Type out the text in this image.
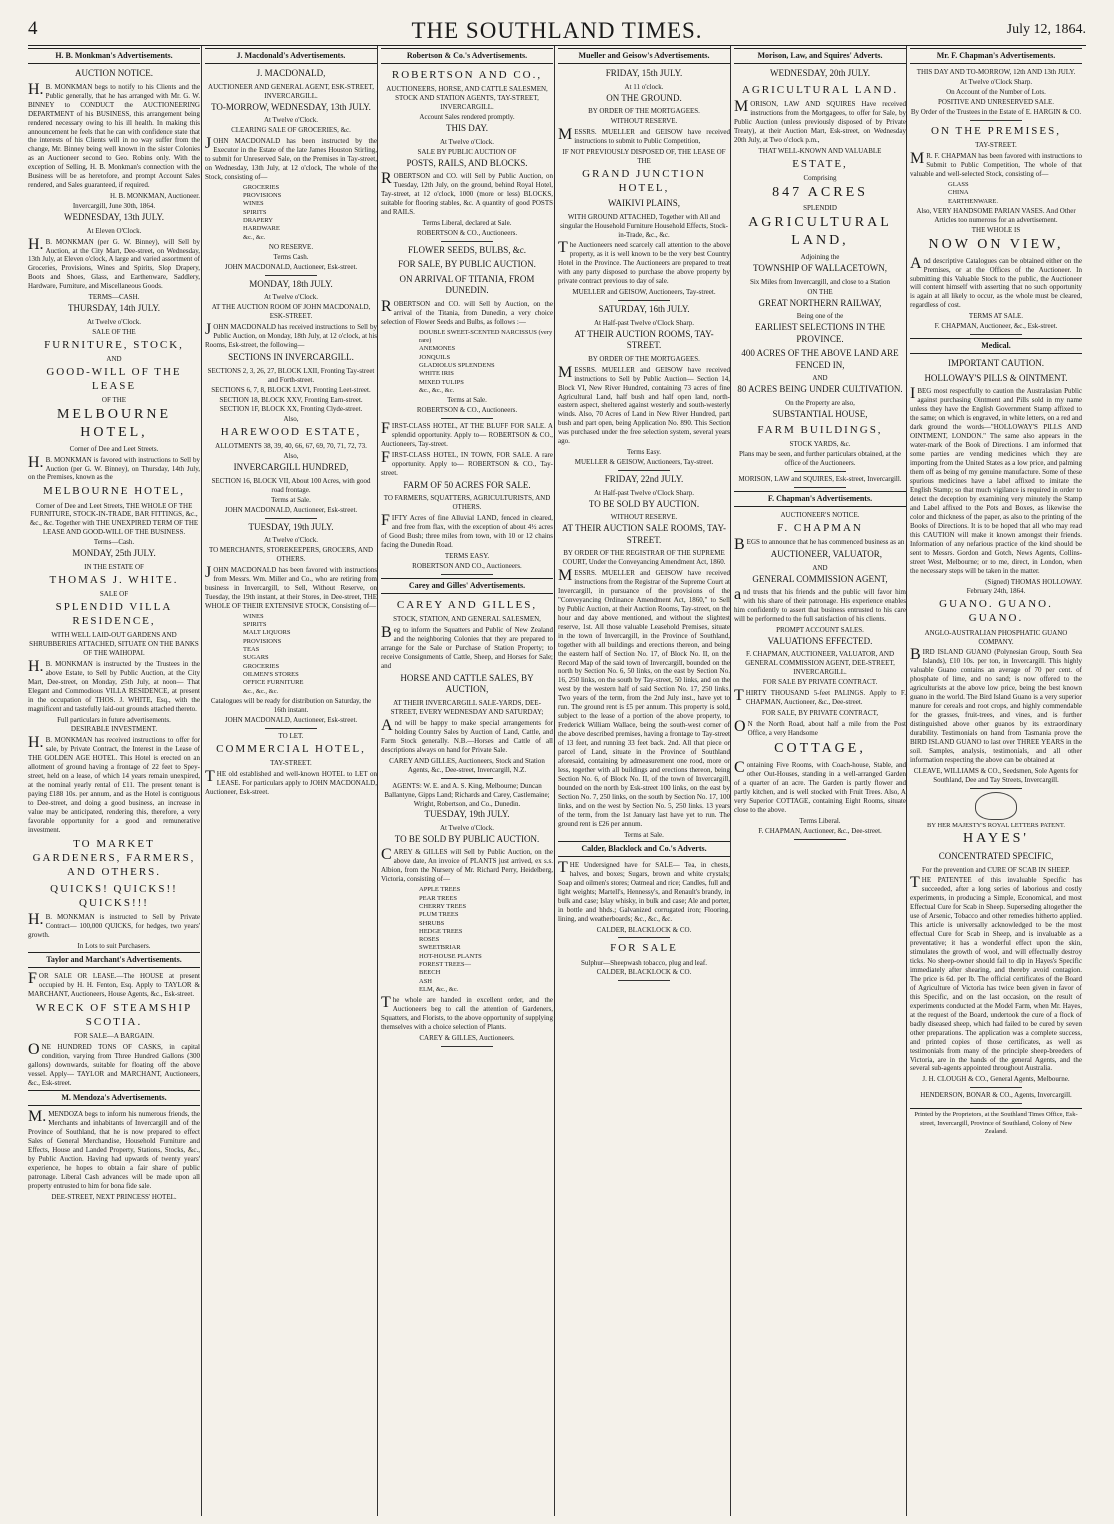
4	THE SOUTHLAND TIMES.	July 12, 1864.
H. B. Monkman's Advertisements.
AUCTION NOTICE.
H.B. MONKMAN begs to notify to his Clients and the Public generally, that he has arranged with Mr. G. W. BINNEY to CONDUCT the AUCTIONEERING DEPARTMENT of his BUSINESS, this arrangement being rendered necessary owing to his ill health. In making this announcement he feels that he can with confidence state that the interests of his Clients will in no way suffer from the change, Mr. Binney being well known in the sister Colonies as an Auctioneer second to Geo. Robins only. With the exception of Selling, H. B. Monkman's connection with the Business will be as heretofore, and prompt Account Sales rendered, and Sales guaranteed, if required.
H. B. MONKMAN, Auctioneer.
Invercargill, June 30th, 1864.
WEDNESDAY, 13th JULY.
At Eleven O'Clock.
H.B. MONKMAN (per G. W. Binney), will Sell by Auction, at the City Mart, Dee-street, on Wednesday, 13th July, at Eleven o'clock, A large and varied assortment of Groceries, Provisions, Wines and Spirits, Slop Drapery, Boots and Shoes, Glass, and Earthenware, Saddlery, Hardware, Furniture, and Miscellaneous Goods.
TERMS—CASH.
THURSDAY, 14th JULY.
At Twelve o'Clock.
SALE OF THE
FURNITURE, STOCK,
AND
GOOD-WILL OF THE LEASE
OF THE
MELBOURNE HOTEL,
Corner of Dee and Leet Streets.
H.B. MONKMAN is favored with instructions to Sell by Auction (per G. W. Binney), on Thursday, 14th July, on the Premises, known as the
MELBOURNE HOTEL,
Corner of Dee and Leet Streets, THE WHOLE OF THE FURNITURE, STOCK-IN-TRADE, BAR FITTINGS, &c., &c., &c. Together with THE UNEXPIRED TERM OF THE LEASE AND GOOD-WILL OF THE BUSINESS.
Terms—Cash.
MONDAY, 25th JULY.
IN THE ESTATE OF
THOMAS J. WHITE.
SALE OF
SPLENDID VILLA RESIDENCE,
WITH WELL LAID-OUT GARDENS AND SHRUBBERIES ATTACHED, SITUATE ON THE BANKS OF THE WAIHOPAI.
H.B. MONKMAN is instructed by the Trustees in the above Estate, to Sell by Public Auction, at the City Mart, Dee-street, on Monday, 25th July, at noon— That Elegant and Commodious VILLA RESIDENCE, at present in the occupation of THOS. J. WHITE, Esq., with the magnificent and tastefully laid-out grounds attached thereto.
Full particulars in future advertisements.
DESIRABLE INVESTMENT.
H.B. MONKMAN has received instructions to offer for sale, by Private Contract, the Interest in the Lease of THE GOLDEN AGE HOTEL. This Hotel is erected on an allotment of ground having a frontage of 22 feet to Spey-street, held on a lease, of which 14 years remain unexpired, at the nominal yearly rental of £11. The present tenant is paying £188 10s. per annum, and as the Hotel is contiguous to Dee-street, and doing a good business, an increase in value may be anticipated, rendering this, therefore, a very favorable opportunity for a good and remunerative investment.
TO MARKET GARDENERS, FARMERS, AND OTHERS.
QUICKS! QUICKS!! QUICKS!!!
H.B. MONKMAN is instructed to Sell by Private Contract— 100,000 QUICKS, for hedges, two years' growth.
In Lots to suit Purchasers.
Taylor and Marchant's Advertisements.
FOR SALE OR LEASE.—The HOUSE at present occupied by H. H. Fenton, Esq. Apply to TAYLOR & MARCHANT, Auctioneers, House Agents, &c., Esk-street.
WRECK OF STEAMSHIP SCOTIA.
FOR SALE—A BARGAIN.
ONE HUNDRED TONS OF CASKS, in capital condition, varying from Three Hundred Gallons (300 gallons) downwards, suitable for floating off the above vessel. Apply— TAYLOR and MARCHANT, Auctioneers, &c., Esk-street.
M. Mendoza's Advertisements.
M.MENDOZA begs to inform his numerous friends, the Merchants and inhabitants of Invercargill and of the Province of Southland, that he is now prepared to effect Sales of General Merchandise, Household Furniture and Effects, House and Landed Property, Stations, Stocks, &c., by Public Auction. Having had upwards of twenty years' experience, he hopes to obtain a fair share of public patronage. Liberal Cash advances will be made upon all property entrusted to him for bona fide sale.
DEE-STREET, NEXT PRINCESS' HOTEL.
J. Macdonald's Advertisements.
J. MACDONALD,
AUCTIONEER AND GENERAL AGENT, ESK-STREET, INVERCARGILL.
TO-MORROW, WEDNESDAY, 13th JULY.
At Twelve o'Clock.
CLEARING SALE OF GROCERIES, &c.
JOHN MACDONALD has been instructed by the Executor in the Estate of the late James Houston Stirling, to submit for Unreserved Sale, on the Premises in Tay-street, on Wednesday, 13th July, at 12 o'clock, The whole of the Stock, consisting of—
GROCERIES
PROVISIONS
WINES
SPIRITS
DRAPERY
HARDWARE
&c., &c.
NO RESERVE.
Terms Cash.
JOHN MACDONALD, Auctioneer, Esk-street.
MONDAY, 18th JULY.
At Twelve o'Clock.
AT THE AUCTION ROOM OF JOHN MACDONALD, ESK-STREET.
JOHN MACDONALD has received instructions to Sell by Public Auction, on Monday, 18th July, at 12 o'clock, at his Rooms, Esk-street, the following—
SECTIONS IN INVERCARGILL.
SECTIONS 2, 3, 26, 27, BLOCK LXII, Fronting Tay-street and Forth-street.
SECTIONS 6, 7, 8, BLOCK LXVI, Fronting Leet-street.
SECTION 18, BLOCK XXV, Fronting Earn-street.
SECTION 1F, BLOCK XX, Fronting Clyde-street.
Also,
HAREWOOD ESTATE,
ALLOTMENTS 38, 39, 40, 66, 67, 69, 70, 71, 72, 73.
Also,
INVERCARGILL HUNDRED,
SECTION 16, BLOCK VII, About 100 Acres, with good road frontage.
Terms at Sale.
JOHN MACDONALD, Auctioneer, Esk-street.
TUESDAY, 19th JULY.
At Twelve o'Clock.
TO MERCHANTS, STOREKEEPERS, GROCERS, AND OTHERS.
JOHN MACDONALD has been favored with instructions from Messrs. Wm. Miller and Co., who are retiring from business in Invercargill, to Sell, Without Reserve, on Tuesday, the 19th instant, at their Stores, in Dee-street, THE WHOLE OF THEIR EXTENSIVE STOCK, Consisting of—
WINES
SPIRITS
MALT LIQUORS
PROVISIONS
TEAS
SUGARS
GROCERIES
OILMEN'S STORES
OFFICE FURNITURE
&c., &c., &c.
Catalogues will be ready for distribution on Saturday, the 16th instant.
JOHN MACDONALD, Auctioneer, Esk-street.
TO LET.
COMMERCIAL HOTEL,
TAY-STREET.
THE old established and well-known HOTEL to LET on LEASE. For particulars apply to JOHN MACDONALD, Auctioneer, Esk-street.
Robertson & Co.'s Advertisements.
ROBERTSON AND CO.,
AUCTIONEERS, HORSE, AND CATTLE SALESMEN, STOCK AND STATION AGENTS, TAY-STREET, INVERCARGILL.
Account Sales rendered promptly.
THIS DAY.
At Twelve o'Clock.
SALE BY PUBLIC AUCTION OF
POSTS, RAILS, AND BLOCKS.
ROBERTSON and CO. will Sell by Public Auction, on Tuesday, 12th July, on the ground, behind Royal Hotel, Tay-street, at 12 o'clock, 1000 (more or less) BLOCKS, suitable for flooring stables, &c. A quantity of good POSTS and RAILS.
Terms Liberal, declared at Sale.
ROBERTSON & CO., Auctioneers.
FLOWER SEEDS, BULBS, &c.
FOR SALE, BY PUBLIC AUCTION.
ON ARRIVAL OF TITANIA, FROM DUNEDIN.
ROBERTSON and CO. will Sell by Auction, on the arrival of the Titania, from Dunedin, a very choice selection of Flower Seeds and Bulbs, as follows :—
DOUBLE SWEET-SCENTED NARCISSUS (very rare)
ANEMONES
JONQUILS
GLADIOLUS SPLENDENS
WHITE IRIS
MIXED TULIPS
&c., &c., &c.
Terms at Sale.
ROBERTSON & CO., Auctioneers.
FIRST-CLASS HOTEL, AT THE BLUFF FOR SALE. A splendid opportunity. Apply to— ROBERTSON & CO., Auctioneers, Tay-street.
FIRST-CLASS HOTEL, IN TOWN, FOR SALE. A rare opportunity. Apply to— ROBERTSON & CO., Tay-street.
FARM OF 50 ACRES FOR SALE.
TO FARMERS, SQUATTERS, AGRICULTURISTS, AND OTHERS.
FIFTY Acres of fine Alluvial LAND, fenced in cleared, and free from flax, with the exception of about 4½ acres of Good Bush; three miles from town, with 10 or 12 chains facing the Dunedin Road.
TERMS EASY.
ROBERTSON AND CO., Auctioneers.
Carey and Gilles' Advertisements.
CAREY AND GILLES,
STOCK, STATION, AND GENERAL SALESMEN,
Beg to inform the Squatters and Public of New Zealand and the neighboring Colonies that they are prepared to arrange for the Sale or Purchase of Station Property; to receive Consignments of Cattle, Sheep, and Horses for Sale; and
HORSE AND CATTLE SALES, BY AUCTION,
AT THEIR INVERCARGILL SALE-YARDS, DEE-STREET, EVERY WEDNESDAY AND SATURDAY;
And will be happy to make special arrangements for holding Country Sales by Auction of Land, Cattle, and Farm Stock generally. N.B.—Horses and Cattle of all descriptions always on hand for Private Sale.
CAREY AND GILLES, Auctioneers, Stock and Station Agents, &c., Dee-street, Invercargill, N.Z.
AGENTS: W. E. and A. S. King, Melbourne; Duncan Ballantyne, Gipps Land; Richards and Carey, Castlemaine; Wright, Robertson, and Co., Dunedin.
TUESDAY, 19th JULY.
At Twelve o'Clock.
TO BE SOLD BY PUBLIC AUCTION.
CAREY & GILLES will Sell by Public Auction, on the above date, An invoice of PLANTS just arrived, ex s.s. Albion, from the Nursery of Mr. Richard Perry, Heidelberg, Victoria, consisting of—
APPLE TREES
PEAR TREES
CHERRY TREES
PLUM TREES
SHRUBS
HEDGE TREES
ROSES
SWEETBRIAR
HOT-HOUSE PLANTS
FOREST TREES—
BEECH
ASH
ELM, &c., &c.
The whole are handed in excellent order, and the Auctioneers beg to call the attention of Gardeners, Squatters, and Florists, to the above opportunity of supplying themselves with a choice selection of Plants.
CAREY & GILLES, Auctioneers.
Mueller and Geisow's Advertisements.
FRIDAY, 15th JULY.
At 11 o'clock.
ON THE GROUND.
BY ORDER OF THE MORTGAGEES.
WITHOUT RESERVE.
MESSRS. MUELLER and GEISOW have received instructions to submit to Public Competition,
IF NOT PREVIOUSLY DISPOSED OF, THE LEASE OF THE
GRAND JUNCTION HOTEL,
WAIKIVI PLAINS,
WITH GROUND ATTACHED, Together with All and singular the Household Furniture Household Effects, Stock-in-Trade, &c., &c.
The Auctioneers need scarcely call attention to the above property, as it is well known to be the very best Country Hotel in the Province. The Auctioneers are prepared to treat with any party disposed to purchase the above property by private contract previous to day of sale.
MUELLER and GEISOW, Auctioneers, Tay-street.
SATURDAY, 16th JULY.
At Half-past Twelve o'Clock Sharp.
AT THEIR AUCTION ROOMS, TAY-STREET.
BY ORDER OF THE MORTGAGEES.
MESSRS. MUELLER and GEISOW have received instructions to Sell by Public Auction— Section 14, Block VI, New River Hundred, containing 73 acres of fine Agricultural Land, half bush and half open land, north-eastern aspect, sheltered against westerly and south-westerly winds. Also, 70 Acres of Land in New River Hundred, part bush and part open, being Application No. 890. This Section was purchased under the free selection system, several years ago.
Terms Easy.
MUELLER & GEISOW, Auctioneers, Tay-street.
FRIDAY, 22nd JULY.
At Half-past Twelve o'Clock Sharp.
TO BE SOLD BY AUCTION.
WITHOUT RESERVE.
AT THEIR AUCTION SALE ROOMS, TAY-STREET.
BY ORDER OF THE REGISTRAR OF THE SUPREME COURT, Under the Conveyancing Amendment Act, 1860.
MESSRS. MUELLER and GEISOW have received instructions from the Registrar of the Supreme Court at Invercargill, in pursuance of the provisions of the "Conveyancing Ordinance Amendment Act, 1860," to Sell by Public Auction, at their Auction Rooms, Tay-street, on the hour and day above mentioned, and without the slightest reserve, 1st. All those valuable Leasehold Premises, situate in the town of Invercargill, in the Province of Southland, together with all buildings and erections thereon, and being the eastern half of Section No. 17, of Block No. II, on the Record Map of the said town of Invercargill, bounded on the north by Section No. 6, 50 links, on the east by Section No. 16, 250 links, on the south by Tay-street, 50 links, and on the west by the western half of said Section No. 17, 250 links. Two years of the term, from the 2nd July inst., have yet to run. The ground rent is £5 per annum. This property is sold, subject to the lease of a portion of the above property, to Frederick William Wallace, being the south-west corner of the above described premises, having a frontage to Tay-street of 13 feet, and running 33 feet back. 2nd. All that piece or parcel of Land, situate in the Province of Southland aforesaid, containing by admeasurement one rood, more or less, together with all buildings and erections thereon, being Section No. 6, of Block No. II, of the town of Invercargill, bounded on the north by Esk-street 100 links, on the east by Section No. 7, 250 links, on the south by Section No. 17, 100 links, and on the west by Section No. 5, 250 links. 13 years of the term, from the 1st January last have yet to run. The ground rent is £26 per annum.
Terms at Sale.
Calder, Blacklock and Co.'s Adverts.
THE Undersigned have for SALE— Tea, in chests, halves, and boxes; Sugars, brown and white crystals; Soap and oilmen's stores; Oatmeal and rice; Candles, full and light weights; Martell's, Hennessy's, and Renault's brandy, in bulk and case; Islay whisky, in bulk and case; Ale and porter, in bottle and hhds.; Galvanized corrugated iron; Flooring, lining, and weatherboards; &c., &c., &c.
CALDER, BLACKLOCK & CO.
FOR SALE
Sulphur—Sheepwash tobacco, plug and leaf.
CALDER, BLACKLOCK & CO.
Morison, Law, and Squires' Adverts.
WEDNESDAY, 20th JULY.
AGRICULTURAL LAND.
MORISON, LAW AND SQUIRES Have received instructions from the Mortgagees, to offer for Sale, by Public Auction (unless previously disposed of by Private Treaty), at their Auction Mart, Esk-street, on Wednesday 20th July, at Two o'clock p.m.,
THAT WELL-KNOWN AND VALUABLE
ESTATE,
Comprising
847 ACRES
SPLENDID
AGRICULTURAL LAND,
Adjoining the
TOWNSHIP OF WALLACETOWN,
Six Miles from Invercargill, and close to a Station
ON THE
GREAT NORTHERN RAILWAY,
Being one of the
EARLIEST SELECTIONS IN THE PROVINCE.
400 ACRES OF THE ABOVE LAND ARE FENCED IN,
AND
80 ACRES BEING UNDER CULTIVATION.
On the Property are also,
SUBSTANTIAL HOUSE,
FARM BUILDINGS,
STOCK YARDS, &c.
Plans may be seen, and further particulars obtained, at the office of the Auctioneers.
MORISON, LAW and SQUIRES, Esk-street, Invercargill.
F. Chapman's Advertisements.
AUCTIONEER'S NOTICE.
F. CHAPMAN
BEGS to announce that he has commenced business as an
AUCTIONEER, VALUATOR,
AND
GENERAL COMMISSION AGENT,
and trusts that his friends and the public will favor him with his share of their patronage. His experience enables him confidently to assert that business entrusted to his care will be performed to the full satisfaction of his clients.
PROMPT ACCOUNT SALES.
VALUATIONS EFFECTED.
F. CHAPMAN, AUCTIONEER, VALUATOR, AND GENERAL COMMISSION AGENT, DEE-STREET, INVERCARGILL.
FOR SALE BY PRIVATE CONTRACT.
THIRTY THOUSAND 5-feet PALINGS. Apply to F. CHAPMAN, Auctioneer, &c., Dee-street.
FOR SALE, BY PRIVATE CONTRACT,
ON the North Road, about half a mile from the Post Office, a very Handsome
COTTAGE,
Containing Five Rooms, with Coach-house, Stable, and other Out-Houses, standing in a well-arranged Garden of a quarter of an acre. The Garden is partly flower and partly kitchen, and is well stocked with Fruit Trees. Also, A very Superior COTTAGE, containing Eight Rooms, situate close to the above.
Terms Liberal.
F. CHAPMAN, Auctioneer, &c., Dee-street.
Mr. F. Chapman's Advertisements.
THIS DAY AND TO-MORROW, 12th AND 13th JULY.
At Twelve o'Clock Sharp.
On Account of the Number of Lots.
POSITIVE AND UNRESERVED SALE.
By Order of the Trustees in the Estate of E. HARGIN & CO.
ON THE PREMISES,
TAY-STREET.
MR. F. CHAPMAN has been favored with instructions to Submit to Public Competition, The whole of that valuable and well-selected Stock, consisting of—
GLASS
CHINA
EARTHENWARE.
Also, VERY HANDSOME PARIAN VASES. And Other Articles too numerous for an advertisement.
THE WHOLE IS
NOW ON VIEW,
And descriptive Catalogues can be obtained either on the Premises, or at the Offices of the Auctioneer. In submitting this Valuable Stock to the public, the Auctioneer will content himself with asserting that no such opportunity is again at all likely to occur, as the whole must be cleared, regardless of cost.
TERMS AT SALE.
F. CHAPMAN, Auctioneer, &c., Esk-street.
Medical.
IMPORTANT CAUTION.
HOLLOWAY'S PILLS & OINTMENT.
IBEG most respectfully to caution the Australasian Public against purchasing Ointment and Pills sold in my name unless they have the English Government Stamp affixed to the same; on which is engraved, in white letters, on a red and dark ground the words—"HOLLOWAY'S PILLS AND OINTMENT, LONDON." The same also appears in the water-mark of the Book of Directions. I am informed that some parties are vending medicines which they are importing from the United States as a low price, and palming them off as being of my genuine manufacture. Some of these spurious medicines have a label affixed to imitate the English Stamp; so that much vigilance is required in order to detect the deception by examining very minutely the Stamp and Label affixed to the Pots and Boxes, as likewise the color and thickness of the paper, as also to the printing of the Books of Directions. It is to be hoped that all who may read this CAUTION will make it known amongst their friends. Information of any nefarious practice of the kind should be sent to Messrs. Gordon and Gotch, News Agents, Collins-street West, Melbourne; or to me, direct, in London, when the necessary steps will be taken in the matter.
(Signed) THOMAS HOLLOWAY.
February 24th, 1864.
GUANO. GUANO. GUANO.
ANGLO-AUSTRALIAN PHOSPHATIC GUANO COMPANY.
BIRD ISLAND GUANO (Polynesian Group, South Sea Islands), £10 10s. per ton, in Invercargill. This highly valuable Guano contains an average of 70 per cent. of phosphate of lime, and no sand; is now offered to the agriculturists at the above low price, being the best known guano in the world. The Bird Island Guano is a very superior manure for cereals and root crops, and highly commendable for the grasses, fruit-trees, and vines, and is further distinguished above other guanos by its extraordinary durability. Testimonials on hand from Tasmania prove the BIRD ISLAND GUANO to last over THREE YEARS in the soil. Samples, analysis, testimonials, and all other information respecting the above can be obtained at
CLEAVE, WILLIAMS & CO., Seedsmen, Sole Agents for Southland, Dee and Tay Streets, Invercargill.
BY HER MAJESTY'S ROYAL LETTERS PATENT.
HAYES'
CONCENTRATED SPECIFIC,
For the prevention and CURE OF SCAB IN SHEEP.
THE PATENTEE of this invaluable Specific has succeeded, after a long series of laborious and costly experiments, in producing a Simple, Economical, and most Effectual Cure for Scab in Sheep. Superseding altogether the use of Arsenic, Tobacco and other remedies hitherto applied. This article is universally acknowledged to be the most effectual Cure for Scab in Sheep, and is invaluable as a preventative; it has a wonderful effect upon the skin, stimulates the growth of wool, and will effectually destroy ticks. No sheep-owner should fail to dip in Hayes's Specific immediately after shearing, and thereby avoid contagion. The price is 6d. per lb. The official certificates of the Board of Agriculture of Victoria has twice been given in favor of this Specific, and on the last occasion, on the result of experiments conducted at the Model Farm, when Mr. Hayes, at the request of the Board, undertook the cure of a flock of badly diseased sheep, which had failed to be cured by seven other preparations. The application was a complete success, and printed copies of those certificates, as well as testimonials from many of the principle sheep-breeders of Victoria, are in the hands of the general Agents, and the several sub-agents appointed throughout Australia.
J. H. CLOUGH & CO., General Agents, Melbourne.
HENDERSON, BONAR & CO., Agents, Invercargill.
Printed by the Proprietors, at the Southland Times Office, Esk-street, Invercargill, Province of Southland, Colony of New Zealand.
